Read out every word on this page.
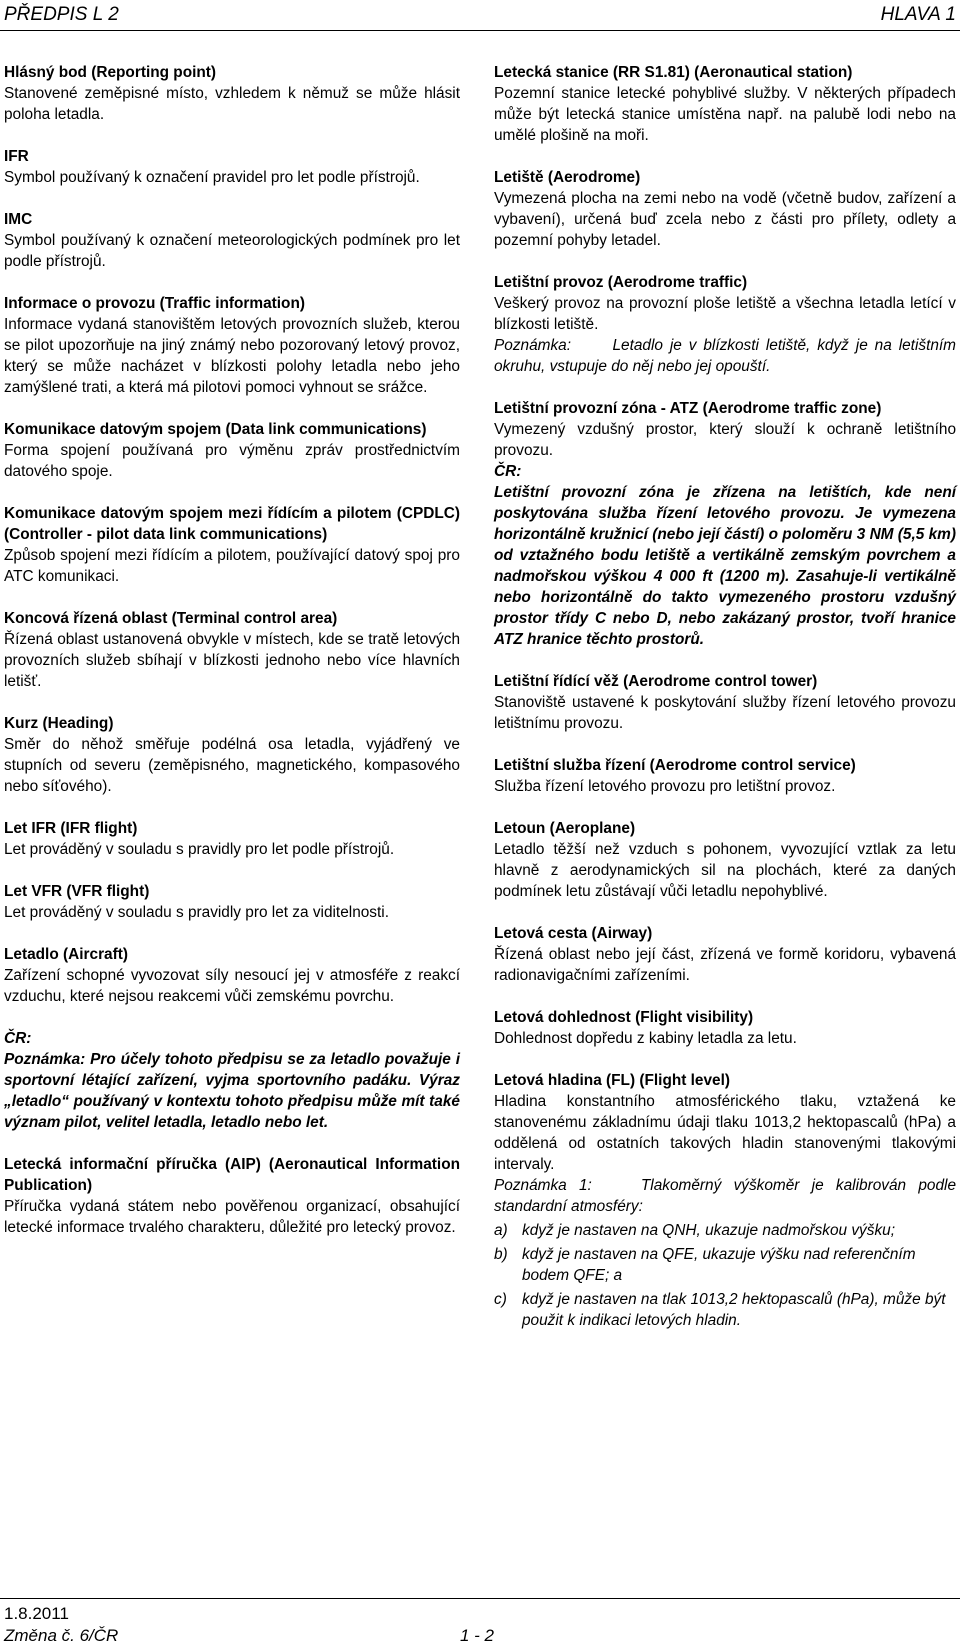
PŘEDPIS L 2	HLAVA 1
Hlásný bod (Reporting point)
Stanovené zeměpisné místo, vzhledem k němuž se může hlásit poloha letadla.
IFR
Symbol používaný k označení pravidel pro let podle přístrojů.
IMC
Symbol používaný k označení meteorologických podmínek pro let podle přístrojů.
Informace o provozu (Traffic information)
Informace vydaná stanovištěm letových provozních služeb, kterou se pilot upozorňuje na jiný známý nebo pozorovaný letový provoz, který se může nacházet v blízkosti polohy letadla nebo jeho zamýšlené trati, a která má pilotovi pomoci vyhnout se srážce.
Komunikace datovým spojem (Data link communications)
Forma spojení používaná pro výměnu zpráv prostřednictvím datového spoje.
Komunikace datovým spojem mezi řídícím a pilotem (CPDLC) (Controller - pilot data link communications)
Způsob spojení mezi řídícím a pilotem, používající datový spoj pro ATC komunikaci.
Koncová řízená oblast (Terminal control area)
Řízená oblast ustanovená obvykle v místech, kde se tratě letových provozních služeb sbíhají v blízkosti jednoho nebo více hlavních letišť.
Kurz (Heading)
Směr do něhož směřuje podélná osa letadla, vyjádřený ve stupních od severu (zeměpisného, magnetického, kompasového nebo síťového).
Let IFR (IFR flight)
Let prováděný v souladu s pravidly pro let podle přístrojů.
Let VFR (VFR flight)
Let prováděný v souladu s pravidly pro let za viditelnosti.
Letadlo (Aircraft)
Zařízení schopné vyvozovat síly nesoucí jej v atmosféře z reakcí vzduchu, které nejsou reakcemi vůči zemskému povrchu.
ČR:
Poznámka: Pro účely tohoto předpisu se za letadlo považuje i sportovní létající zařízení, vyjma sportovního padáku. Výraz „letadlo“ používaný v kontextu tohoto předpisu může mít také význam pilot, velitel letadla, letadlo nebo let.
Letecká informační příručka (AIP) (Aeronautical Information Publication)
Příručka vydaná státem nebo pověřenou organizací, obsahující letecké informace trvalého charakteru, důležité pro letecký provoz.
Letecká stanice (RR S1.81) (Aeronautical station)
Pozemní stanice letecké pohyblivé služby. V některých případech může být letecká stanice umístěna např. na palubě lodi nebo na umělé plošině na moři.
Letiště (Aerodrome)
Vymezená plocha na zemi nebo na vodě (včetně budov, zařízení a vybavení), určená buď zcela nebo z části pro přílety, odlety a pozemní pohyby letadel.
Letištní provoz (Aerodrome traffic)
Veškerý provoz na provozní ploše letiště a všechna letadla letící v blízkosti letiště.
Poznámka:	Letadlo je v blízkosti letiště, když je na letištním okruhu, vstupuje do něj nebo jej opouští.
Letištní provozní zóna - ATZ (Aerodrome traffic zone)
Vymezený vzdušný prostor, který slouží k ochraně letištního provozu.
ČR:
Letištní provozní zóna je zřízena na letištích, kde není poskytována služba řízení letového provozu. Je vymezena horizontálně kružnicí (nebo její částí) o poloměru 3 NM (5,5 km) od vztažného bodu letiště a vertikálně zemským povrchem a nadmořskou výškou 4 000 ft (1200 m). Zasahuje-li vertikálně nebo horizontálně do takto vymezeného prostoru vzdušný prostor třídy C nebo D, nebo zakázaný prostor, tvoří hranice ATZ hranice těchto prostorů.
Letištní řídící věž (Aerodrome control tower)
Stanoviště ustavené k poskytování služby řízení letového provozu letištnímu provozu.
Letištní služba řízení (Aerodrome control service)
Služba řízení letového provozu pro letištní provoz.
Letoun (Aeroplane)
Letadlo těžší než vzduch s pohonem, vyvozující vztlak za letu hlavně z aerodynamických sil na plochách, které za daných podmínek letu zůstávají vůči letadlu nepohyblivé.
Letová cesta (Airway)
Řízená oblast nebo její část, zřízená ve formě koridoru, vybavená radionavigačními zařízeními.
Letová dohlednost (Flight visibility)
Dohlednost dopředu z kabiny letadla za letu.
Letová hladina (FL) (Flight level)
Hladina konstantního atmosférického tlaku, vztažená ke stanovenému základnímu údaji tlaku 1013,2 hektopascalů (hPa) a oddělená od ostatních takových hladin stanovenými tlakovými intervaly.
Poznámka 1:	Tlakoměrný výškoměr je kalibrován podle standardní atmosféry:
a) když je nastaven na QNH, ukazuje nadmořskou výšku;
b) když je nastaven na QFE, ukazuje výšku nad referenčním bodem QFE; a
c) když je nastaven na tlak 1013,2 hektopascalů (hPa), může být použit k indikaci letových hladin.
1.8.2011
Změna č. 6/ČR	1 - 2
